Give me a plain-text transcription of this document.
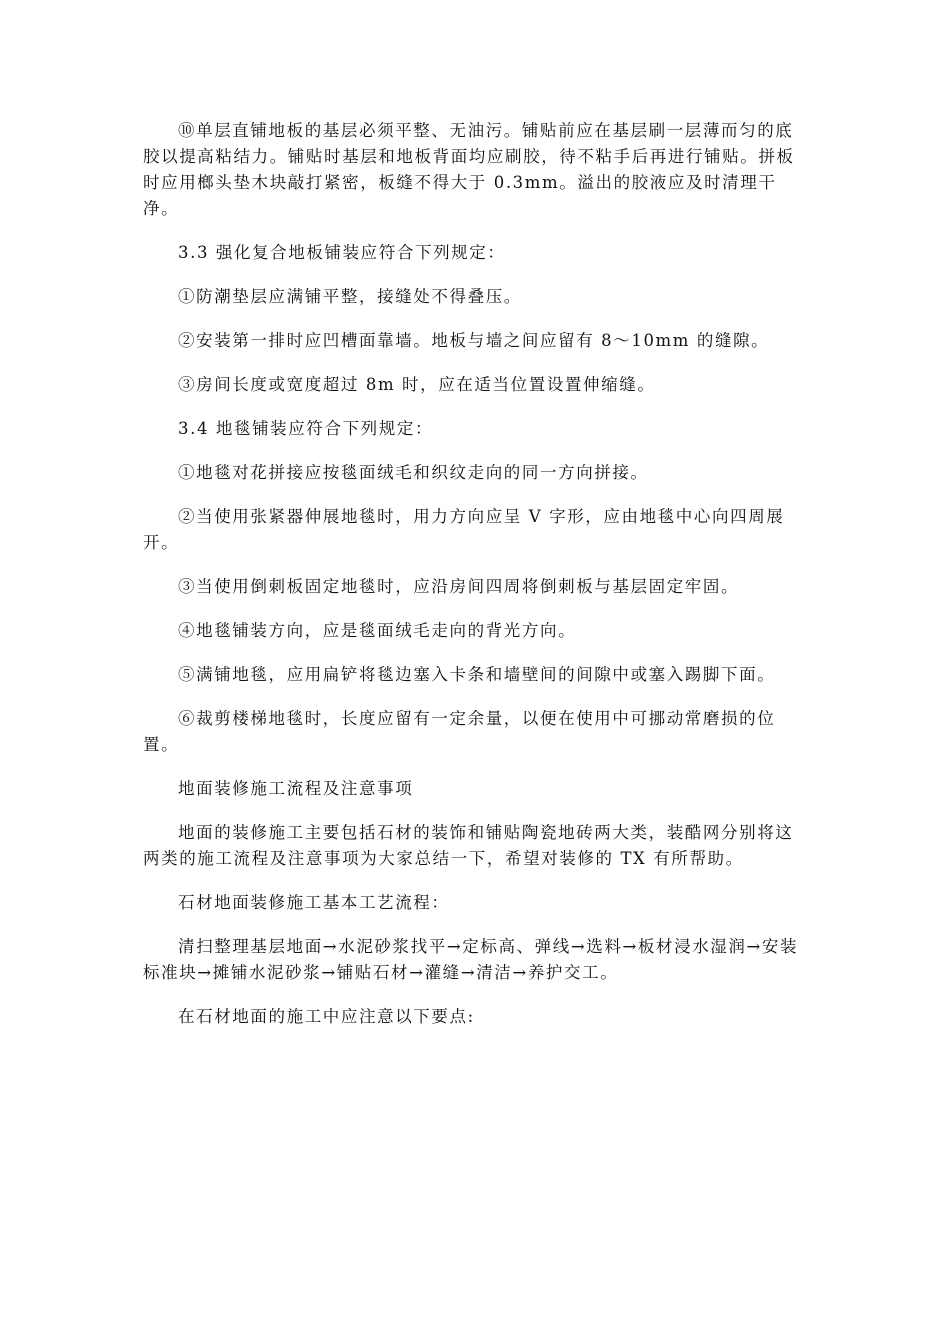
⑩单层直铺地板的基层必须平整、无油污。铺贴前应在基层刷一层薄而匀的底胶以提高粘结力。铺贴时基层和地板背面均应刷胶，待不粘手后再进行铺贴。拼板时应用榔头垫木块敲打紧密，板缝不得大于 0.3mm。溢出的胶液应及时清理干净。

3.3 强化复合地板铺装应符合下列规定：

①防潮垫层应满铺平整，接缝处不得叠压。

②安装第一排时应凹槽面靠墙。地板与墙之间应留有 8～10mm 的缝隙。

③房间长度或宽度超过 8m 时，应在适当位置设置伸缩缝。

3.4 地毯铺装应符合下列规定：

①地毯对花拼接应按毯面绒毛和织纹走向的同一方向拼接。

②当使用张紧器伸展地毯时，用力方向应呈 V 字形，应由地毯中心向四周展开。

③当使用倒刺板固定地毯时，应沿房间四周将倒刺板与基层固定牢固。

④地毯铺装方向，应是毯面绒毛走向的背光方向。

⑤满铺地毯，应用扁铲将毯边塞入卡条和墙壁间的间隙中或塞入踢脚下面。

⑥裁剪楼梯地毯时，长度应留有一定余量，以便在使用中可挪动常磨损的位置。

地面装修施工流程及注意事项

地面的装修施工主要包括石材的装饰和铺贴陶瓷地砖两大类，装酷网分别将这两类的施工流程及注意事项为大家总结一下，希望对装修的 TX 有所帮助。

石材地面装修施工基本工艺流程：

清扫整理基层地面→水泥砂浆找平→定标高、弹线→选料→板材浸水湿润→安装标准块→摊铺水泥砂浆→铺贴石材→灌缝→清洁→养护交工。

在石材地面的施工中应注意以下要点:
